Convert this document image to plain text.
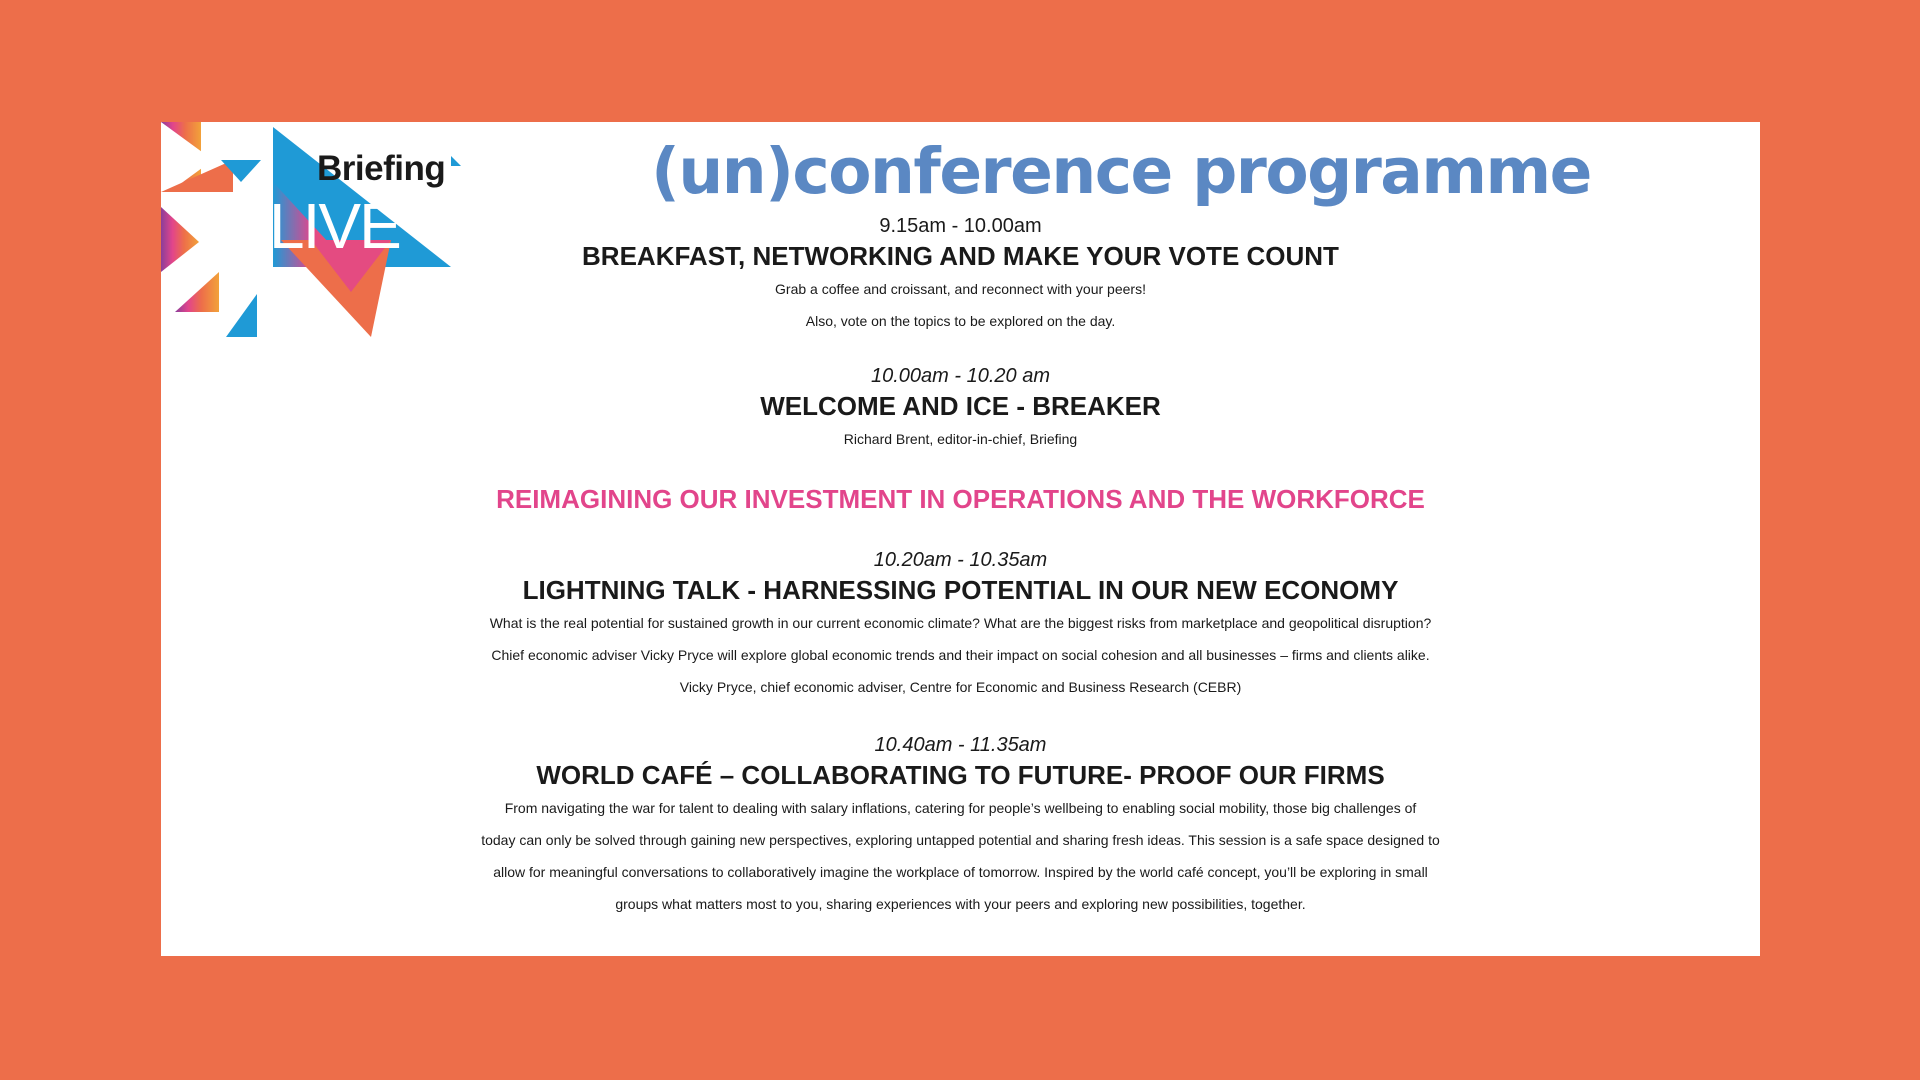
Briefing
LIVE
(un)conference programme
9.15am - 10.00am
BREAKFAST, NETWORKING AND MAKE YOUR VOTE COUNT
Grab a coffee and croissant, and reconnect with your peers!
Also, vote on the topics to be explored on the day.
10.00am - 10.20 am
WELCOME AND ICE - BREAKER
Richard Brent, editor-in-chief, Briefing
REIMAGINING OUR INVESTMENT IN OPERATIONS AND THE WORKFORCE
10.20am - 10.35am
LIGHTNING TALK - HARNESSING POTENTIAL IN OUR NEW ECONOMY
What is the real potential for sustained growth in our current economic climate? What are the biggest risks from marketplace and geopolitical disruption?
Chief economic adviser Vicky Pryce will explore global economic trends and their impact on social cohesion and all businesses – firms and clients alike.
Vicky Pryce, chief economic adviser, Centre for Economic and Business Research (CEBR)
10.40am - 11.35am
WORLD CAFÉ – COLLABORATING TO FUTURE- PROOF OUR FIRMS
From navigating the war for talent to dealing with salary inflations, catering for people’s wellbeing to enabling social mobility, those big challenges of
today can only be solved through gaining new perspectives, exploring untapped potential and sharing fresh ideas. This session is a safe space designed to
allow for meaningful conversations to collaboratively imagine the workplace of tomorrow. Inspired by the world café concept, you’ll be exploring in small
groups what matters most to you, sharing experiences with your peers and exploring new possibilities, together.
